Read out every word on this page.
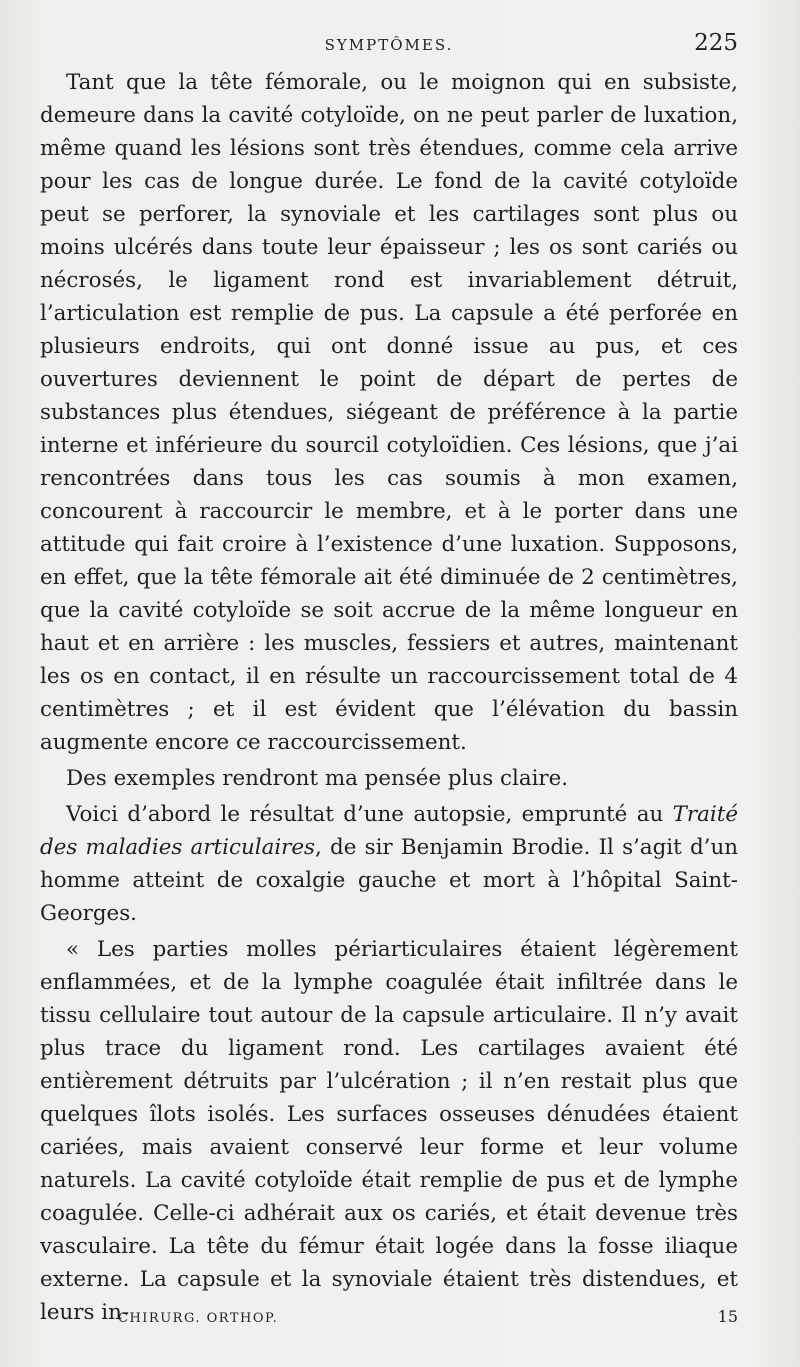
SYMPTÔMES.	225

Tant que la tête fémorale, ou le moignon qui en subsiste, demeure dans la cavité cotyloïde, on ne peut parler de luxation, même quand les lésions sont très étendues, comme cela arrive pour les cas de longue durée. Le fond de la cavité cotyloïde peut se perforer, la synoviale et les cartilages sont plus ou moins ulcérés dans toute leur épaisseur ; les os sont cariés ou nécrosés, le ligament rond est invariablement détruit, l’articulation est remplie de pus. La capsule a été perforée en plusieurs endroits, qui ont donné issue au pus, et ces ouvertures deviennent le point de départ de pertes de substances plus étendues, siégeant de préférence à la partie interne et inférieure du sourcil cotyloïdien. Ces lésions, que j’ai rencontrées dans tous les cas soumis à mon examen, concourent à raccourcir le membre, et à le porter dans une attitude qui fait croire à l’existence d’une luxation. Supposons, en effet, que la tête fémorale ait été diminuée de 2 centimètres, que la cavité cotyloïde se soit accrue de la même longueur en haut et en arrière : les muscles, fessiers et autres, maintenant les os en contact, il en résulte un raccourcissement total de 4 centimètres ; et il est évident que l’élévation du bassin augmente encore ce raccourcissement.

Des exemples rendront ma pensée plus claire.

Voici d’abord le résultat d’une autopsie, emprunté au Traité des maladies articulaires, de sir Benjamin Brodie. Il s’agit d’un homme atteint de coxalgie gauche et mort à l’hôpital Saint-Georges.

« Les parties molles périarticulaires étaient légèrement enflammées, et de la lymphe coagulée était infiltrée dans le tissu cellulaire tout autour de la capsule articulaire. Il n’y avait plus trace du ligament rond. Les cartilages avaient été entièrement détruits par l’ulcération ; il n’en restait plus que quelques îlots isolés. Les surfaces osseuses dénudées étaient cariées, mais avaient conservé leur forme et leur volume naturels. La cavité cotyloïde était remplie de pus et de lymphe coagulée. Celle-ci adhérait aux os cariés, et était devenue très vasculaire. La tête du fémur était logée dans la fosse iliaque externe. La capsule et la synoviale étaient très distendues, et leurs in-

CHIRURG. ORTHOP.	15
